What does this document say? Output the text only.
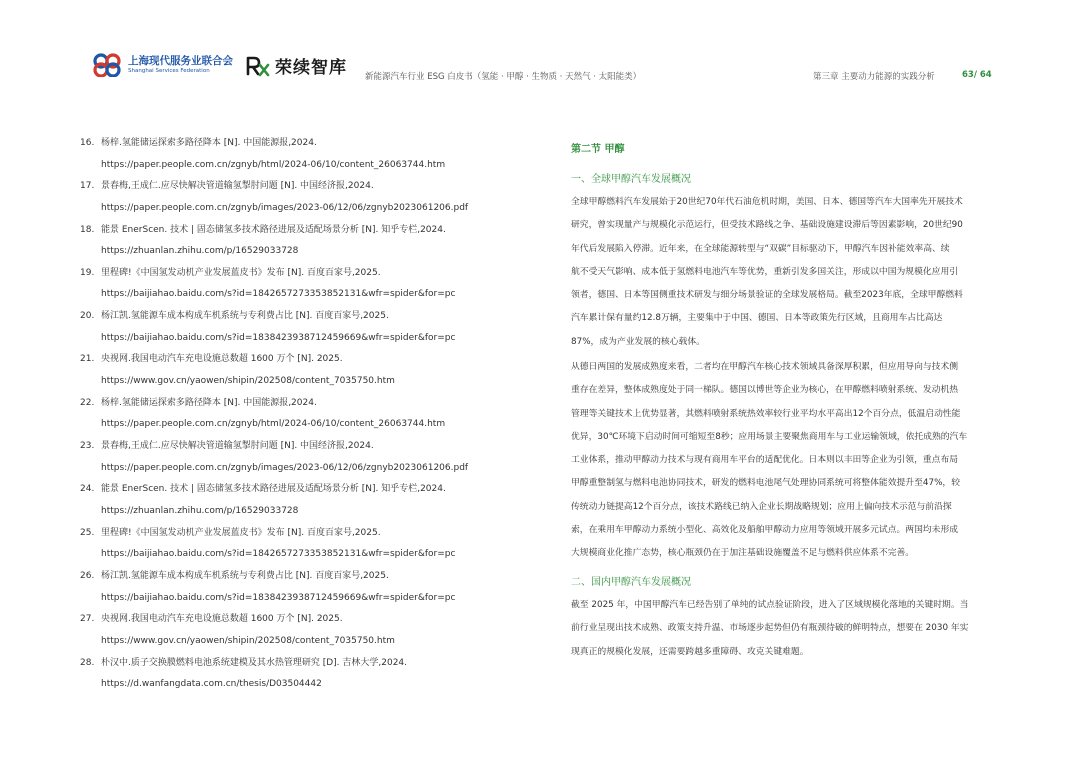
上海现代服务业联合会
Shanghai Services Federation	荣续智库 新能源汽车行业 ESG 白皮书（氢能 · 甲醇 · 生物质 · 天然气 · 太阳能类）	第三章 主要动力能源的实践分析	63/ 64
16. 杨梓.氢能储运探索多路径降本 [N]. 中国能源报,2024.
https://paper.people.com.cn/zgnyb/html/2024-06/10/content_26063744.htm
17. 景春梅,王成仁.应尽快解决管道输氢掣肘问题 [N]. 中国经济报,2024.
https://paper.people.com.cn/zgnyb/images/2023-06/12/06/zgnyb2023061206.pdf
18. 能景 EnerScen. 技术 | 固态储氢多技术路径进展及适配场景分析 [N]. 知乎专栏,2024.
https://zhuanlan.zhihu.com/p/16529033728
19. 里程碑!《中国氢发动机产业发展蓝皮书》发布 [N]. 百度百家号,2025.
https://baijiahao.baidu.com/s?id=1842657273353852131&wfr=spider&for=pc
20. 杨江凯.氢能源车成本构成车机系统与专利费占比 [N]. 百度百家号,2025.
https://baijiahao.baidu.com/s?id=1838423938712459669&wfr=spider&for=pc
21. 央视网.我国电动汽车充电设施总数超 1600 万个 [N]. 2025.
https://www.gov.cn/yaowen/shipin/202508/content_7035750.htm
22. 杨梓.氢能储运探索多路径降本 [N]. 中国能源报,2024.
https://paper.people.com.cn/zgnyb/html/2024-06/10/content_26063744.htm
23. 景春梅,王成仁.应尽快解决管道输氢掣肘问题 [N]. 中国经济报,2024.
https://paper.people.com.cn/zgnyb/images/2023-06/12/06/zgnyb2023061206.pdf
24. 能景 EnerScen. 技术 | 固态储氢多技术路径进展及适配场景分析 [N]. 知乎专栏,2024.
https://zhuanlan.zhihu.com/p/16529033728
25. 里程碑!《中国氢发动机产业发展蓝皮书》发布 [N]. 百度百家号,2025.
https://baijiahao.baidu.com/s?id=1842657273353852131&wfr=spider&for=pc
26. 杨江凯.氢能源车成本构成车机系统与专利费占比 [N]. 百度百家号,2025.
https://baijiahao.baidu.com/s?id=1838423938712459669&wfr=spider&for=pc
27. 央视网.我国电动汽车充电设施总数超 1600 万个 [N]. 2025.
https://www.gov.cn/yaowen/shipin/202508/content_7035750.htm
28. 朴汉中.质子交换膜燃料电池系统建模及其水热管理研究 [D]. 吉林大学,2024.
https://d.wanfangdata.com.cn/thesis/D03504442
第二节 甲醇
一、全球甲醇汽车发展概况
全球甲醇燃料汽车发展始于20世纪70年代石油危机时期，美国、日本、德国等汽车大国率先开展技术
研究，曾实现量产与规模化示范运行，但受技术路线之争、基础设施建设滞后等因素影响，20世纪90
年代后发展陷入停滞。近年来，在全球能源转型与“双碳”目标驱动下，甲醇汽车因补能效率高、续
航不受天气影响、成本低于氢燃料电池汽车等优势，重新引发多国关注，形成以中国为规模化应用引
领者，德国、日本等国侧重技术研发与细分场景验证的全球发展格局。截至2023年底，全球甲醇燃料
汽车累计保有量约12.8万辆，主要集中于中国、德国、日本等政策先行区域，且商用车占比高达
87%，成为产业发展的核心载体。
从德日两国的发展成熟度来看，二者均在甲醇汽车核心技术领域具备深厚积累，但应用导向与技术侧
重存在差异，整体成熟度处于同一梯队。德国以博世等企业为核心，在甲醇燃料喷射系统、发动机热
管理等关键技术上优势显著，其燃料喷射系统热效率较行业平均水平高出12个百分点，低温启动性能
优异，30℃环境下启动时间可缩短至8秒；应用场景主要聚焦商用车与工业运输领域，依托成熟的汽车
工业体系，推动甲醇动力技术与现有商用车平台的适配优化。日本则以丰田等企业为引领，重点布局
甲醇重整制氢与燃料电池协同技术，研发的燃料电池尾气处理协同系统可将整体能效提升至47%，较
传统动力链提高12个百分点，该技术路线已纳入企业长期战略规划；应用上偏向技术示范与前沿探
索，在乘用车甲醇动力系统小型化、高效化及船舶甲醇动力应用等领域开展多元试点。两国均未形成
大规模商业化推广态势，核心瓶颈仍在于加注基础设施覆盖不足与燃料供应体系不完善。
二、国内甲醇汽车发展概况
截至 2025 年，中国甲醇汽车已经告别了单纯的试点验证阶段，进入了区域规模化落地的关键时期。当
前行业呈现出技术成熟、政策支持升温、市场逐步起势但仍有瓶颈待破的鲜明特点，想要在 2030 年实
现真正的规模化发展，还需要跨越多重障碍、攻克关键难题。
